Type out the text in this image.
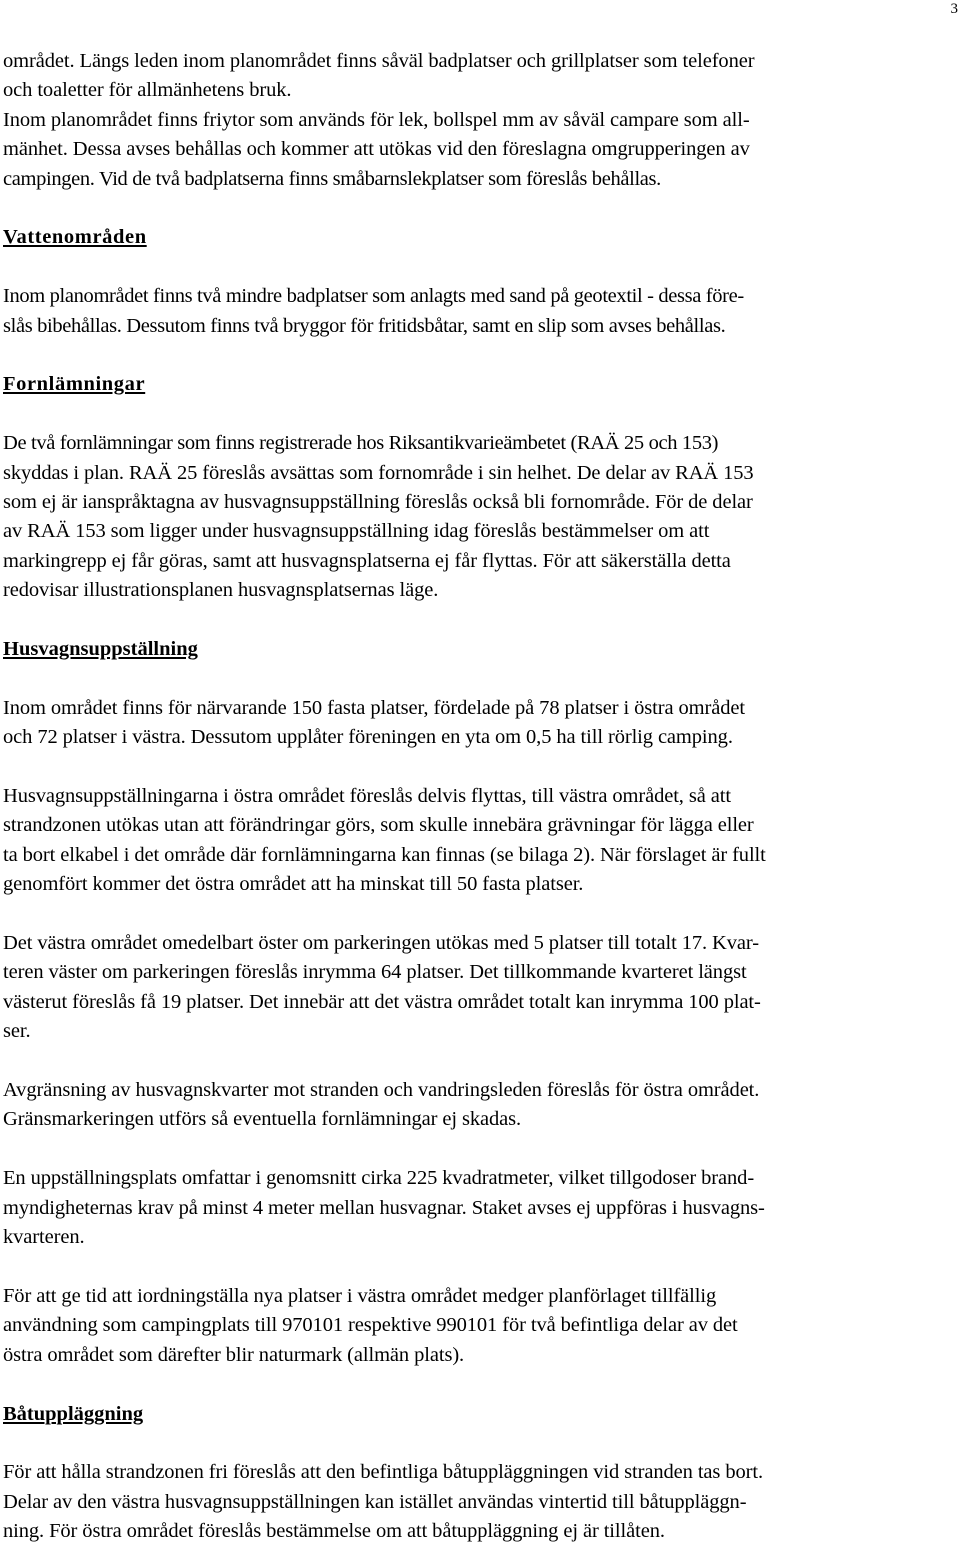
3
området. Längs leden inom planområdet finns såväl badplatser och grillplatser som telefoner
och toaletter för allmänhetens bruk.
Inom planområdet finns friytor som används för lek, bollspel mm av såväl campare som all-
mänhet. Dessa avses behållas och kommer att utökas vid den föreslagna omgrupperingen av
campingen. Vid de två badplatserna finns småbarnslekplatser som föreslås behållas.
Vattenområden
Inom planområdet finns två mindre badplatser som anlagts med sand på geotextil - dessa före-
slås bibehållas. Dessutom finns två bryggor för fritidsbåtar, samt en slip som avses behållas.
Fornlämningar
De två fornlämningar som finns registrerade hos Riksantikvarieämbetet (RAÄ 25 och 153)
skyddas i plan. RAÄ 25 föreslås avsättas som fornområde i sin helhet. De delar av RAÄ 153
som ej är ianspråktagna av husvagnsuppställning föreslås också bli fornområde. För de delar
av RAÄ 153 som ligger under husvagnsuppställning idag föreslås bestämmelser om att
markingrepp ej får göras, samt att husvagnsplatserna ej får flyttas. För att säkerställa detta
redovisar illustrationsplanen husvagnsplatsernas läge.
Husvagnsuppställning
Inom området finns för närvarande 150 fasta platser, fördelade på 78 platser i östra området
och 72 platser i västra. Dessutom upplåter föreningen en yta om 0,5 ha till rörlig camping.
Husvagnsuppställningarna i östra området föreslås delvis flyttas, till västra området, så att
strandzonen utökas utan att förändringar görs, som skulle innebära grävningar för lägga eller
ta bort elkabel i det område där fornlämningarna kan finnas (se bilaga 2). När förslaget är fullt
genomfört kommer det östra området att ha minskat till 50 fasta platser.
Det västra området omedelbart öster om parkeringen utökas med 5 platser till totalt 17. Kvar-
teren väster om parkeringen föreslås inrymma 64 platser. Det tillkommande kvarteret längst
västerut föreslås få 19 platser. Det innebär att det västra området totalt kan inrymma 100 plat-
ser.
Avgränsning av husvagnskvarter mot stranden och vandringsleden föreslås för östra området.
Gränsmarkeringen utförs så eventuella fornlämningar ej skadas.
En uppställningsplats omfattar i genomsnitt cirka 225 kvadratmeter, vilket tillgodoser brand-
myndigheternas krav på minst 4 meter mellan husvagnar. Staket avses ej uppföras i husvagns-
kvarteren.
För att ge tid att iordningställa nya platser i västra området medger planförlaget tillfällig
användning som campingplats till 970101 respektive 990101 för två befintliga delar av det
östra området som därefter blir naturmark (allmän plats).
Båtuppläggning
För att hålla strandzonen fri föreslås att den befintliga båtuppläggningen vid stranden tas bort.
Delar av den västra husvagnsuppställningen kan istället användas vintertid till båtuppläggn-
ning. För östra området föreslås bestämmelse om att båtuppläggning ej är tillåten.
